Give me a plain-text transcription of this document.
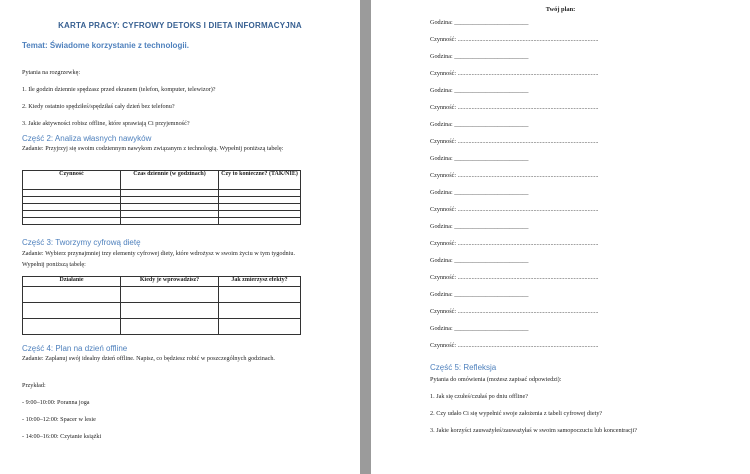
KARTA PRACY: CYFROWY DETOKS I DIETA INFORMACYJNA
Temat: Świadome korzystanie z technologii.
Pytania na rozgrzewkę:
1. Ile godzin dziennie spędzasz przed ekranem (telefon, komputer, telewizor)?
2. Kiedy ostatnio spędziłeś/spędziłaś cały dzień bez telefonu?
3. Jakie aktywności robisz offline, które sprawiają Ci przyjemność?
Część 2: Analiza własnych nawyków
Zadanie: Przyjrzyj się swoim codziennym nawykom związanym z technologią. Wypełnij poniższą tabelę:
Czynność	Czas dziennie (w godzinach)	Czy to konieczne? (TAK/NIE)

Część 3: Tworzymy cyfrową dietę
Zadanie: Wybierz przynajmniej trzy elementy cyfrowej diety, które wdrożysz w swoim życiu w tym tygodniu. Wypełnij poniższą tabelę:
Działanie	Kiedy je wprowadzisz?	Jak zmierzysz efekty?

Część 4: Plan na dzień offline
Zadanie: Zaplanuj swój idealny dzień offline. Napisz, co będziesz robić w poszczególnych godzinach.
Przykład:
- 9:00–10:00: Poranna joga
- 10:00–12:00: Spacer w lesie
- 14:00–16:00: Czytanie książki
Twój plan:
Godzina: ________________________
Czynność: ...........................................................................................
Godzina: ________________________
Czynność: ...........................................................................................
Godzina: ________________________
Czynność: ...........................................................................................
Godzina: ________________________
Czynność: ...........................................................................................
Godzina: ________________________
Czynność: ...........................................................................................
Godzina: ________________________
Czynność: ...........................................................................................
Godzina: ________________________
Czynność: ...........................................................................................
Godzina: ________________________
Czynność: ...........................................................................................
Godzina: ________________________
Czynność: ...........................................................................................
Godzina: ________________________
Czynność: ...........................................................................................
Część 5: Refleksja
Pytania do omówienia (możesz zapisać odpowiedzi):
1. Jak się czułeś/czułaś po dniu offline?
2. Czy udało Ci się wypełnić swoje założenia z tabeli cyfrowej diety?
3. Jakie korzyści zauważyłeś/zauważyłaś w swoim samopoczuciu lub koncentracji?
